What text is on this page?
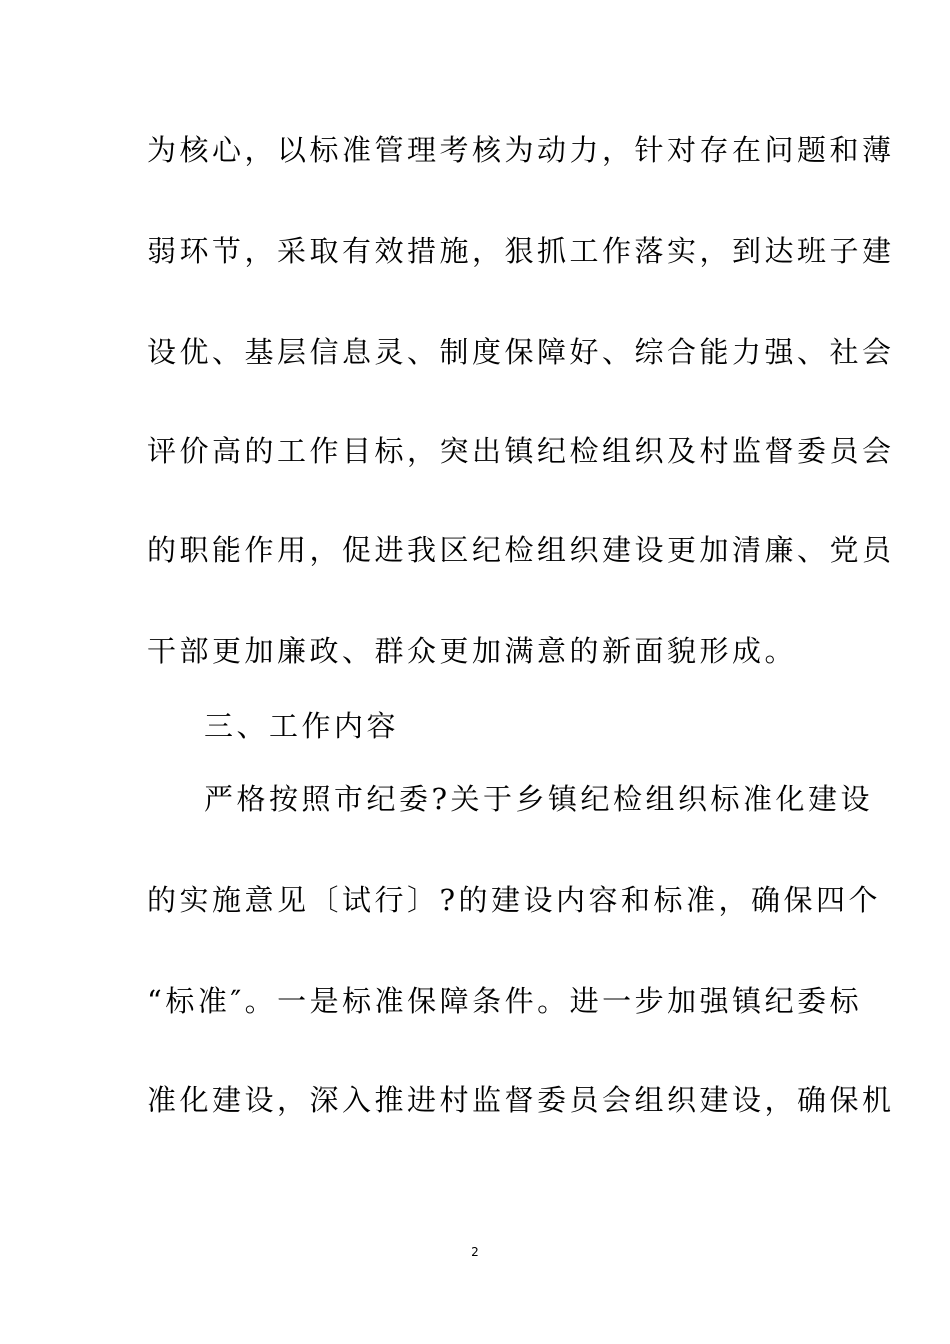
为核心，以标准管理考核为动力，针对存在问题和薄
弱环节，采取有效措施，狠抓工作落实，到达班子建
设优、基层信息灵、制度保障好、综合能力强、社会
评价高的工作目标，突出镇纪检组织及村监督委员会
的职能作用，促进我区纪检组织建设更加清廉、党员
干部更加廉政、群众更加满意的新面貌形成。
三、工作内容
严格按照市纪委?关于乡镇纪检组织标准化建设
的实施意见〔试行〕?的建设内容和标准，确保四个
“标准″。一是标准保障条件。进一步加强镇纪委标
准化建设，深入推进村监督委员会组织建设，确保机
2
